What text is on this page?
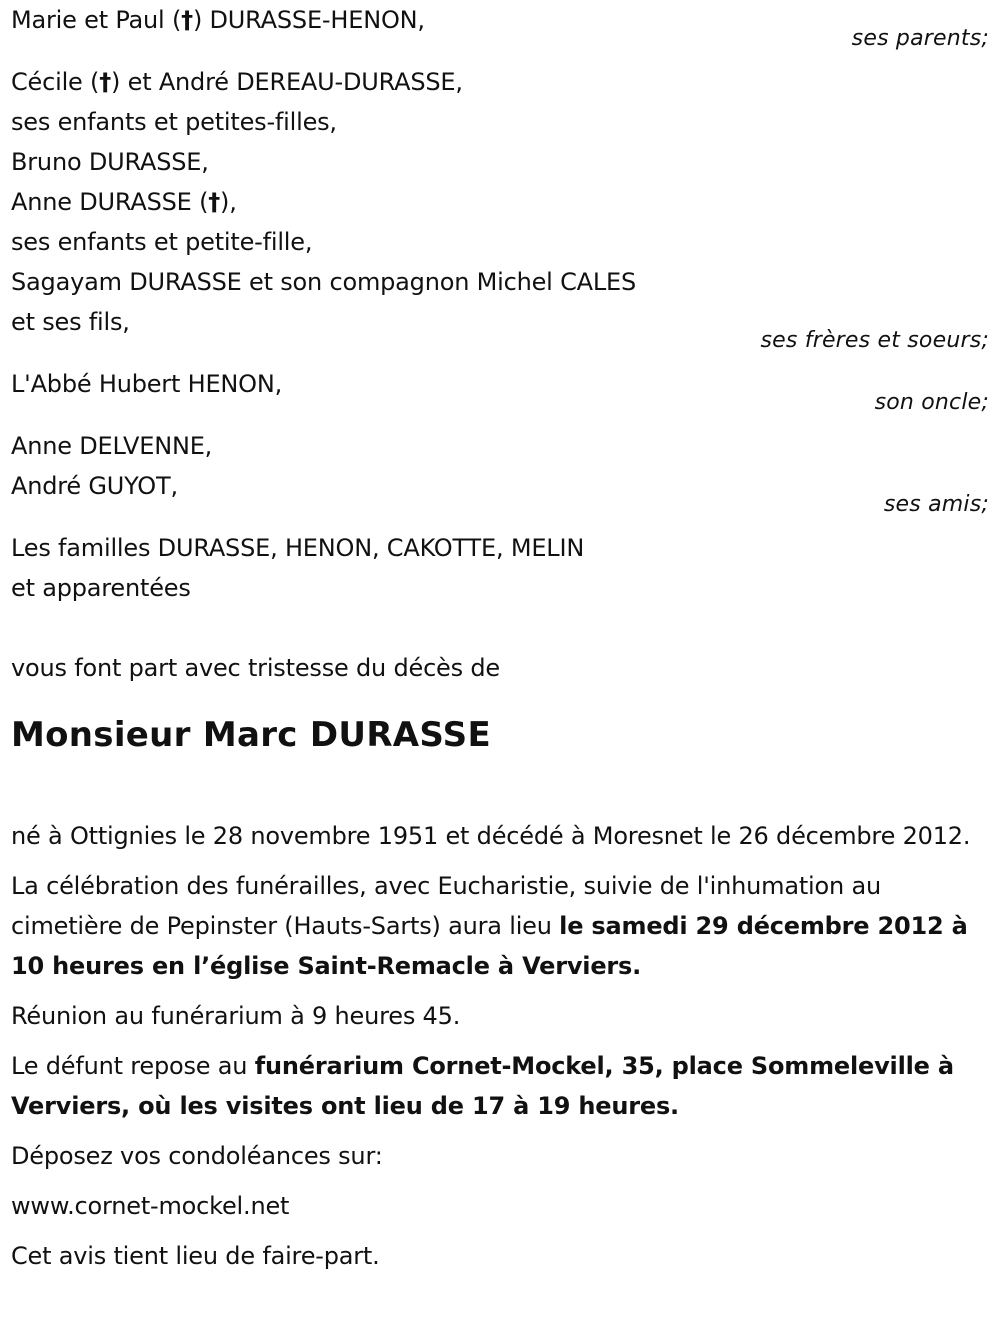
Marie et Paul (†) DURASSE-HENON,
ses parents;
Cécile (†) et André DEREAU-DURASSE,
ses enfants et petites-filles,
Bruno DURASSE,
Anne DURASSE (†),
ses enfants et petite-fille,
Sagayam DURASSE et son compagnon Michel CALES
et ses fils,
ses frères et soeurs;
L'Abbé Hubert HENON,
son oncle;
Anne DELVENNE,
André GUYOT,
ses amis;
Les familles DURASSE, HENON, CAKOTTE, MELIN
et apparentées
vous font part avec tristesse du décès de
Monsieur Marc DURASSE

né à Ottignies le 28 novembre 1951 et décédé à Moresnet le 26 décembre 2012.

La célébration des funérailles, avec Eucharistie, suivie de l'inhumation au cimetière de Pepinster (Hauts-Sarts) aura lieu le samedi 29 décembre 2012 à 10 heures en l’église Saint-Remacle à Verviers.

Réunion au funérarium à 9 heures 45.

Le défunt repose au funérarium Cornet-Mockel, 35, place Sommeleville à Verviers, où les visites ont lieu de 17 à 19 heures.

Déposez vos condoléances sur:

www.cornet-mockel.net

Cet avis tient lieu de faire-part.
